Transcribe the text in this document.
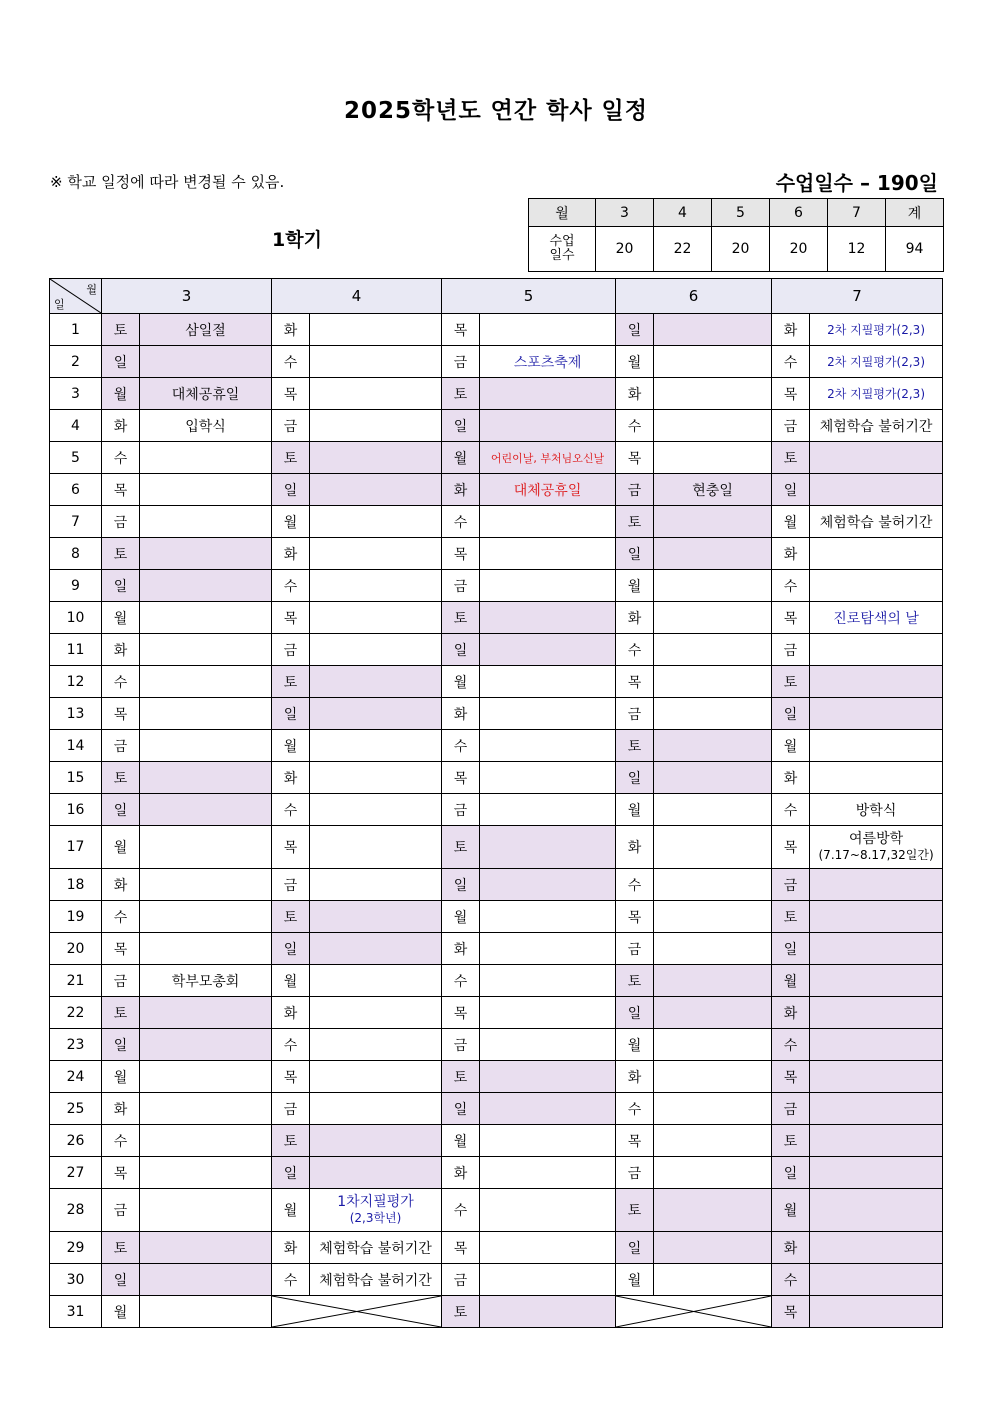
2025학년도 연간 학사 일정
※ 학교 일정에 따라 변경될 수 있음.	수업일수 – 190일
1학기
월	3	4	5	6	7	계
수업
일수	20	22	20	20	12	94
월
일	3		4		5		6		7	
1	토	삼일절	화		목		일		화	2차 지필평가(2,3)
2	일		수		금	스포츠축제	월		수	2차 지필평가(2,3)
3	월	대체공휴일	목		토		화		목	2차 지필평가(2,3)
4	화	입학식	금		일		수		금	체험학습 불허기간
5	수		토		월	어린이날, 부처님오신날	목		토	
6	목		일		화	대체공휴일	금	현충일	일	
7	금		월		수		토		월	체험학습 불허기간
8	토		화		목		일		화	
9	일		수		금		월		수	
10	월		목		토		화		목	진로탐색의 날
11	화		금		일		수		금	
12	수		토		월		목		토	
13	목		일		화		금		일	
14	금		월		수		토		월	
15	토		화		목		일		화	
16	일		수		금		월		수	방학식
17	월		목		토		화		목	여름방학
(7.17~8.17,32일간)

18	화		금		일		수		금	
19	수		토		월		목		토	
20	목		일		화		금		일	
21	금	학부모총회	월		수		토		월	
22	토		화		목		일		화	
23	일		수		금		월		수	
24	월		목		토		화		목	
25	화		금		일		수		금	
26	수		토		월		목		토	
27	목		일		화		금		일	
28	금		월	1차지필평가
(2,3학년)	수		토		월	
29	토		화	체험학습 불허기간	목		일		화	
30	일		수	체험학습 불허기간	금		월		수	
31	월				토				목	
